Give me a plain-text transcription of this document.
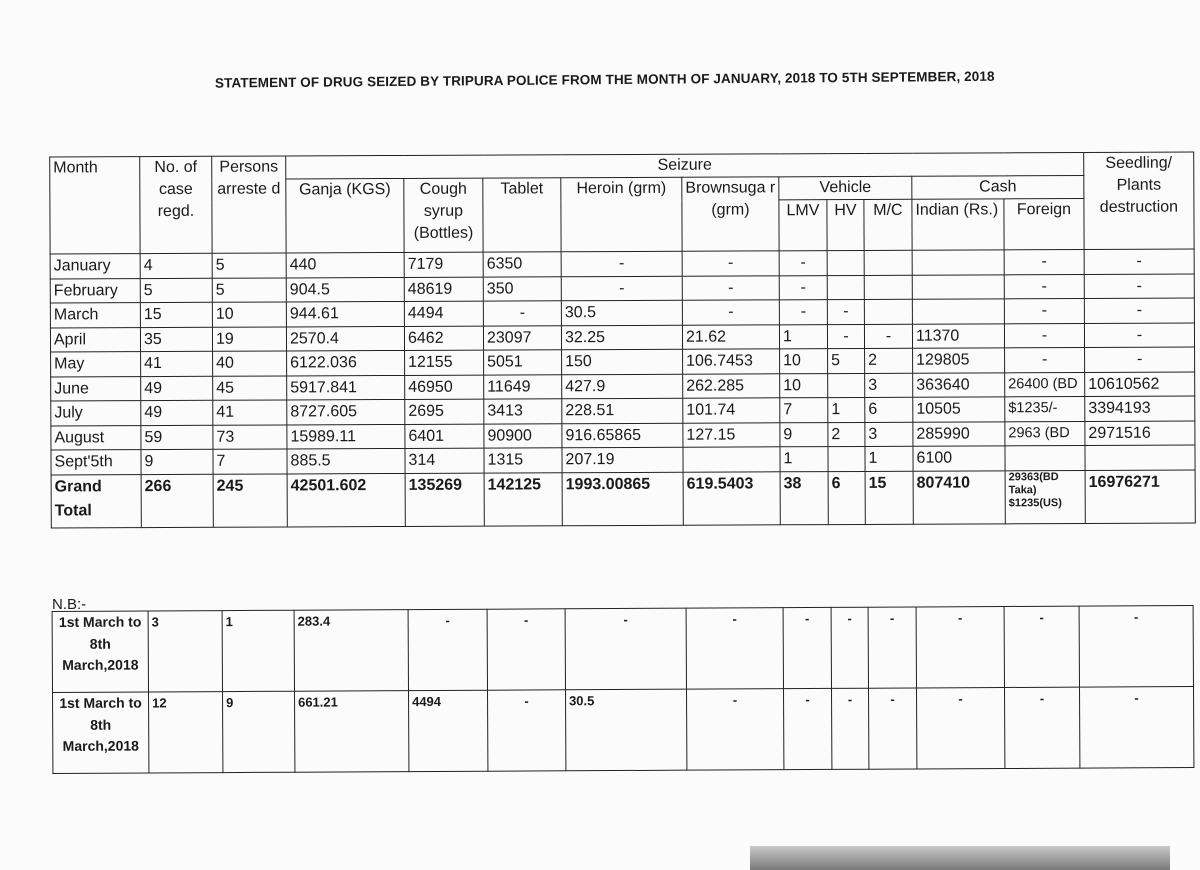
STATEMENT OF DRUG SEIZED BY TRIPURA POLICE FROM THE MONTH OF JANUARY, 2018 TO 5TH SEPTEMBER, 2018
Month	No. of case regd.	Persons arreste d	Seizure										Seedling/ Plants destruction
			Ganja (KGS)	Cough syrup (Bottles)	Tablet	Heroin (grm)	Brownsuga r (grm)	Vehicle			Cash		
								LMV	HV	M/C	Indian (Rs.)	Foreign	
January	4	5	440	7179	6350	-	-	-				-	-
February	5	5	904.5	48619	350	-	-	-				-	-
March	15	10	944.61	4494	-	30.5	-	-	-			-	-
April	35	19	2570.4	6462	23097	32.25	21.62	1	-	-	11370	-	-
May	41	40	6122.036	12155	5051	150	106.7453	10	5	2	129805	-	-
June	49	45	5917.841	46950	11649	427.9	262.285	10		3	363640	26400 (BD	10610562
July	49	41	8727.605	2695	3413	228.51	101.74	7	1	6	10505	$1235/-	3394193
August	59	73	15989.11	6401	90900	916.65865	127.15	9	2	3	285990	2963 (BD	2971516
Sept'5th	9	7	885.5	314	1315	207.19		1		1	6100		
Grand Total	266	245	42501.602	135269	142125	1993.00865	619.5403	38	6	15	807410	29363(BD Taka) $1235(US)	16976271
N.B:-
1st March to 8th March,2018	3	1	283.4	-	-	-	-	-	-	-	-	-	-
1st March to 8th March,2018	12	9	661.21	4494	-	30.5	-	-	-	-	-	-	-
